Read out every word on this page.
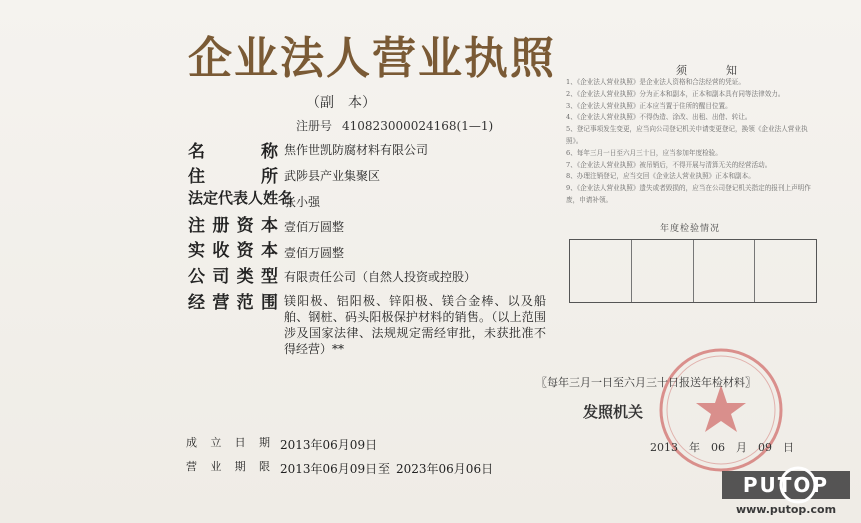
企业法人营业执照
（副　本）
注册号 410823000024168(1—1)
名　　称 焦作世凯防腐材料有限公司
住　　所 武陟县产业集聚区
法定代表人姓名
张小强
注册资本 壹佰万圆整
实收资本 壹佰万圆整
公司类型 有限责任公司（自然人投资或控股）
经营范围 镁阳极、铝阳极、锌阳极、镁合金棒、以及船舶、钢桩、码头阳极保护材料的销售。（以上范围涉及国家法律、法规规定需经审批，未获批准不得经营）**
成立日期 2013年06月09日
营业期限 2013年06月09日 至 2023年06月06日
须　知
1、《企业法人营业执照》是企业法人资格和合法经营的凭证。
2、《企业法人营业执照》分为正本和副本，正本和副本具有同等法律效力。
3、《企业法人营业执照》正本应当置于住所的醒目位置。
4、《企业法人营业执照》不得伪造、涂改、出租、出借、转让。
5、登记事项发生变更，应当向公司登记机关申请变更登记，换领《企业法人营业执照》。
6、每年三月一日至六月三十日，应当参加年度检验。
7、《企业法人营业执照》被吊销后，不得开展与清算无关的经营活动。
8、办理注销登记，应当交回《企业法人营业执照》正本和副本。
9、《企业法人营业执照》遗失或者毁损的，应当在公司登记机关指定的报刊上声明作废，申请补领。
年度检验情况
〖每年三月一日至六月三十日报送年检材料〗
发照机关
2013　年　06　月　09　日
PUTOP
www.putop.com
